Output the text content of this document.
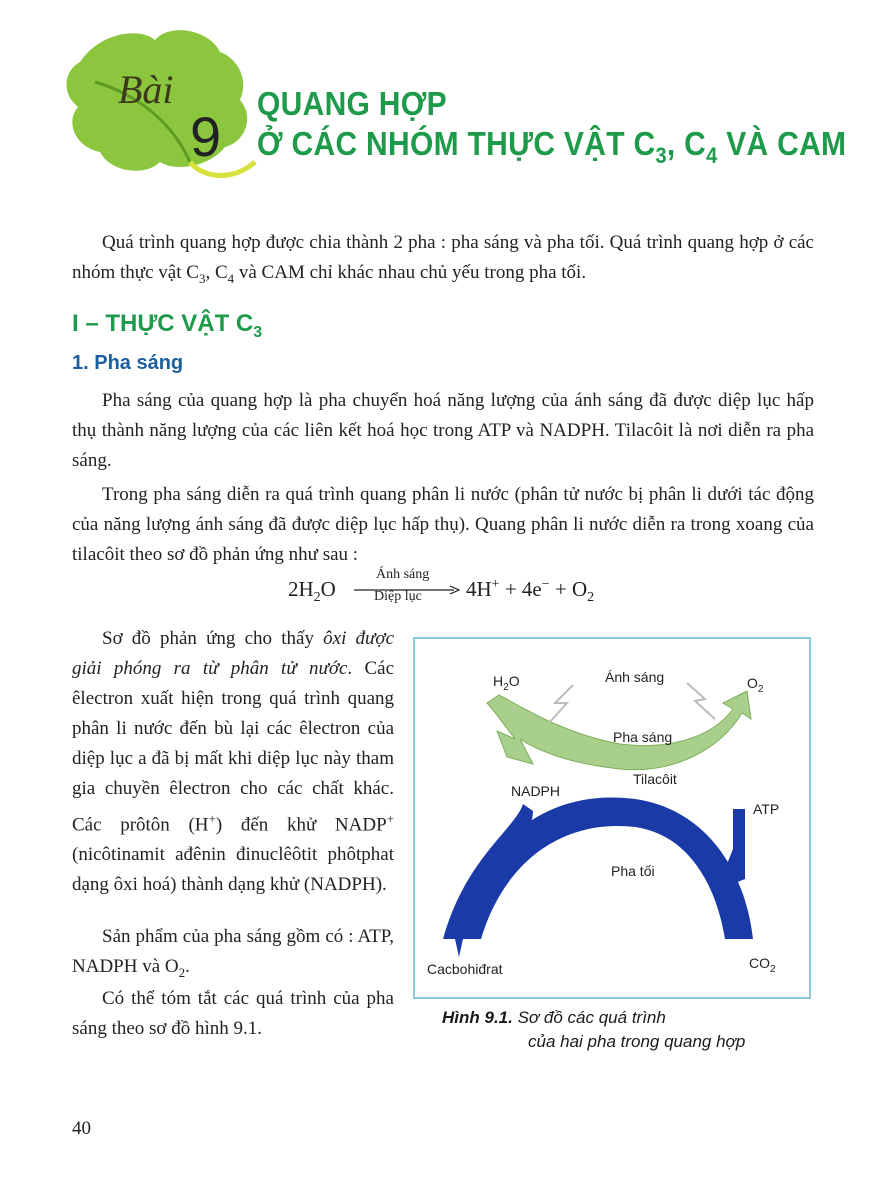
Bài
9
QUANG HỢP
Ở CÁC NHÓM THỰC VẬT $C_3$, $C_4$ VÀ CAM

Quá trình quang hợp được chia thành 2 pha : pha sáng và pha tối. Quá trình quang hợp ở các nhóm thực vật $C_3$, $C_4$ và CAM chỉ khác nhau chủ yếu trong pha tối.

I – THỰC VẬT $C_3$
1. Pha sáng

Pha sáng của quang hợp là pha chuyển hoá năng lượng của ánh sáng đã được diệp lục hấp thụ thành năng lượng của các liên kết hoá học trong ATP và NADPH. Tilacôit là nơi diễn ra pha sáng.

Trong pha sáng diễn ra quá trình quang phân li nước (phân tử nước bị phân li dưới tác động của năng lượng ánh sáng đã được diệp lục hấp thụ). Quang phân li nước diễn ra trong xoang của tilacôit theo sơ đồ phản ứng như sau :

$2H_2O$
Ánh sáng
Diệp lục $4H^+ + 4e^- + O_2$

Sơ đồ phản ứng cho thấy ôxi được giải phóng ra từ phân tử nước. Các êlectron xuất hiện trong quá trình quang phân li nước đến bù lại các êlectron của diệp lục a đã bị mất khi diệp lục này tham gia chuyền êlectron cho các chất khác. Các prôtôn (H+) đến khử NADP+ (nicôtinamit ađênin đinuclêôtit phôtphat dạng ôxi hoá) thành dạng khử (NADPH).

Sản phẩm của pha sáng gồm có : ATP, NADPH và $O_2$.

Có thể tóm tắt các quá trình của pha sáng theo sơ đồ hình 9.1.

$H_2O$	Ánh sáng	$O_2$
Pha sáng
Tilacôit
NADPH
ATP
Strôma
Pha tối
Cacbohiđrat	$CO_2$
Hình 9.1. Sơ đồ các quá trình
của hai pha trong quang hợp
40
